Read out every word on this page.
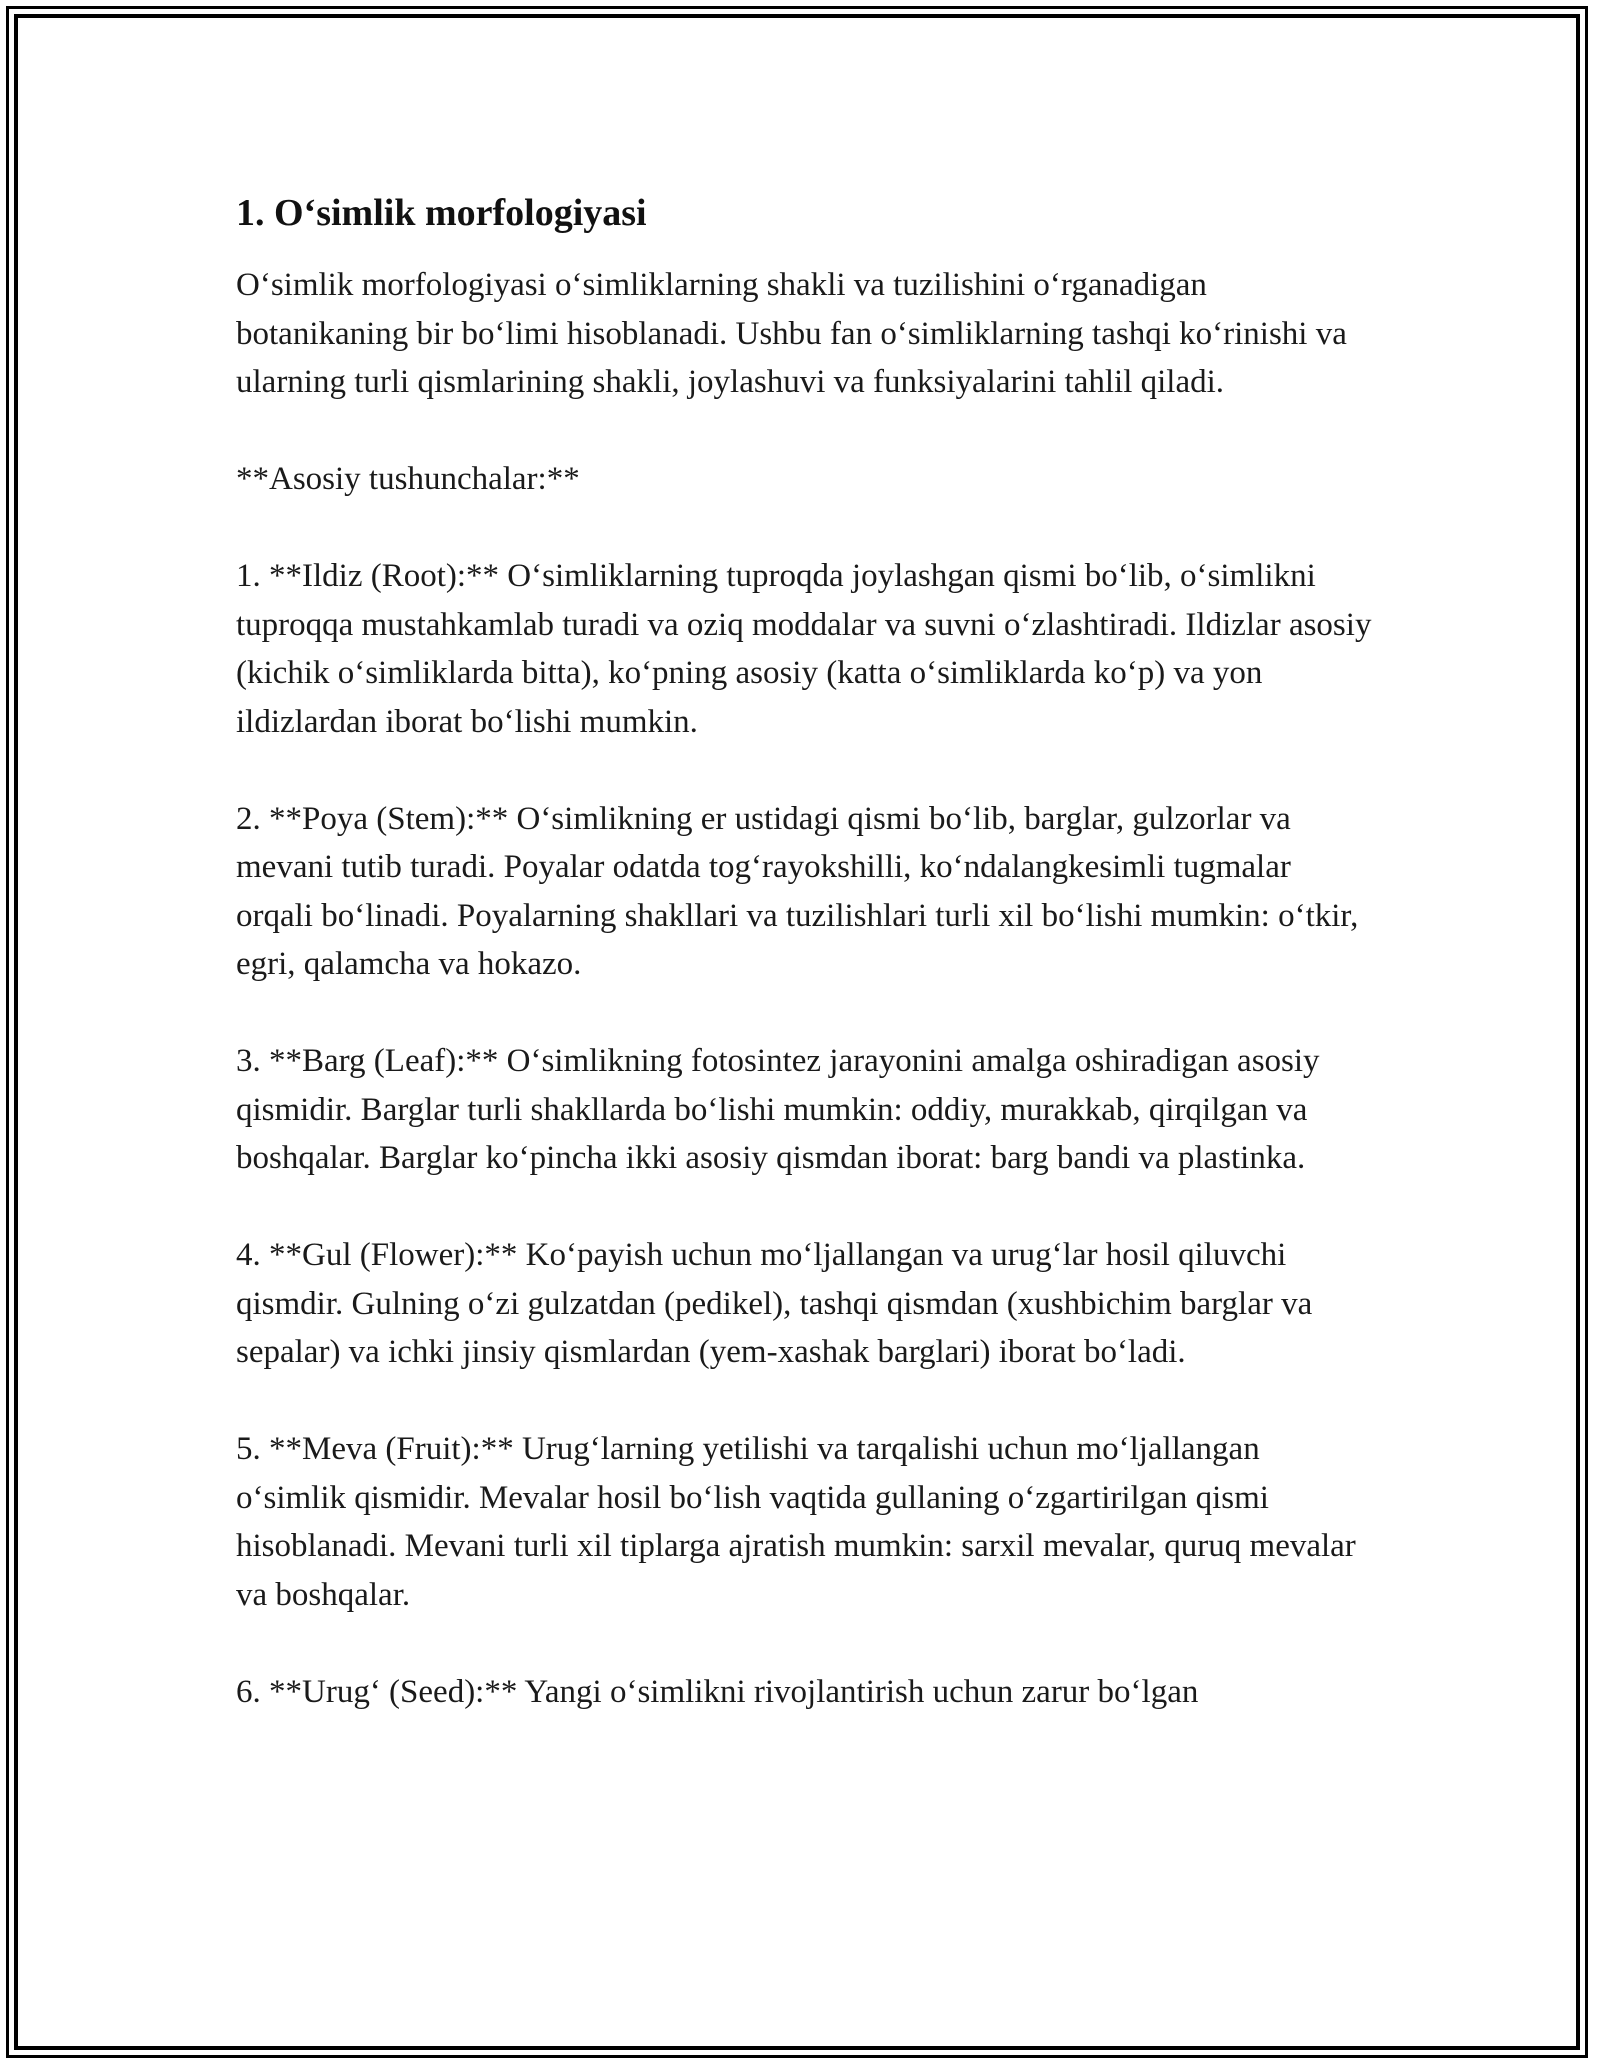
1. O‘simlik morfologiyasi

O‘simlik morfologiyasi o‘simliklarning shakli va tuzilishini o‘rganadigan botanikaning bir bo‘limi hisoblanadi. Ushbu fan o‘simliklarning tashqi ko‘rinishi va ularning turli qismlarining shakli, joylashuvi va funksiyalarini tahlil qiladi.

**Asosiy tushunchalar:**

1. **Ildiz (Root):** O‘simliklarning tuproqda joylashgan qismi bo‘lib, o‘simlikni tuproqqa mustahkamlab turadi va oziq moddalar va suvni o‘zlashtiradi. Ildizlar asosiy (kichik o‘simliklarda bitta), ko‘pning asosiy (katta o‘simliklarda ko‘p) va yon ildizlardan iborat bo‘lishi mumkin.

2. **Poya (Stem):** O‘simlikning er ustidagi qismi bo‘lib, barglar, gulzorlar va mevani tutib turadi. Poyalar odatda tog‘rayokshilli, ko‘ndalangkesimli tugmalar orqali bo‘linadi. Poyalarning shakllari va tuzilishlari turli xil bo‘lishi mumkin: o‘tkir, egri, qalamcha va hokazo.

3. **Barg (Leaf):** O‘simlikning fotosintez jarayonini amalga oshiradigan asosiy qismidir. Barglar turli shakllarda bo‘lishi mumkin: oddiy, murakkab, qirqilgan va boshqalar. Barglar ko‘pincha ikki asosiy qismdan iborat: barg bandi va plastinka.

4. **Gul (Flower):** Ko‘payish uchun mo‘ljallangan va urug‘lar hosil qiluvchi qismdir. Gulning o‘zi gulzatdan (pedikel), tashqi qismdan (xushbichim barglar va sepalar) va ichki jinsiy qismlardan (yem-xashak barglari) iborat bo‘ladi.

5. **Meva (Fruit):** Urug‘larning yetilishi va tarqalishi uchun mo‘ljallangan o‘simlik qismidir. Mevalar hosil bo‘lish vaqtida gullaning o‘zgartirilgan qismi hisoblanadi. Mevani turli xil tiplarga ajratish mumkin: sarxil mevalar, quruq mevalar va boshqalar.

6. **Urug‘ (Seed):** Yangi o‘simlikni rivojlantirish uchun zarur bo‘lgan
